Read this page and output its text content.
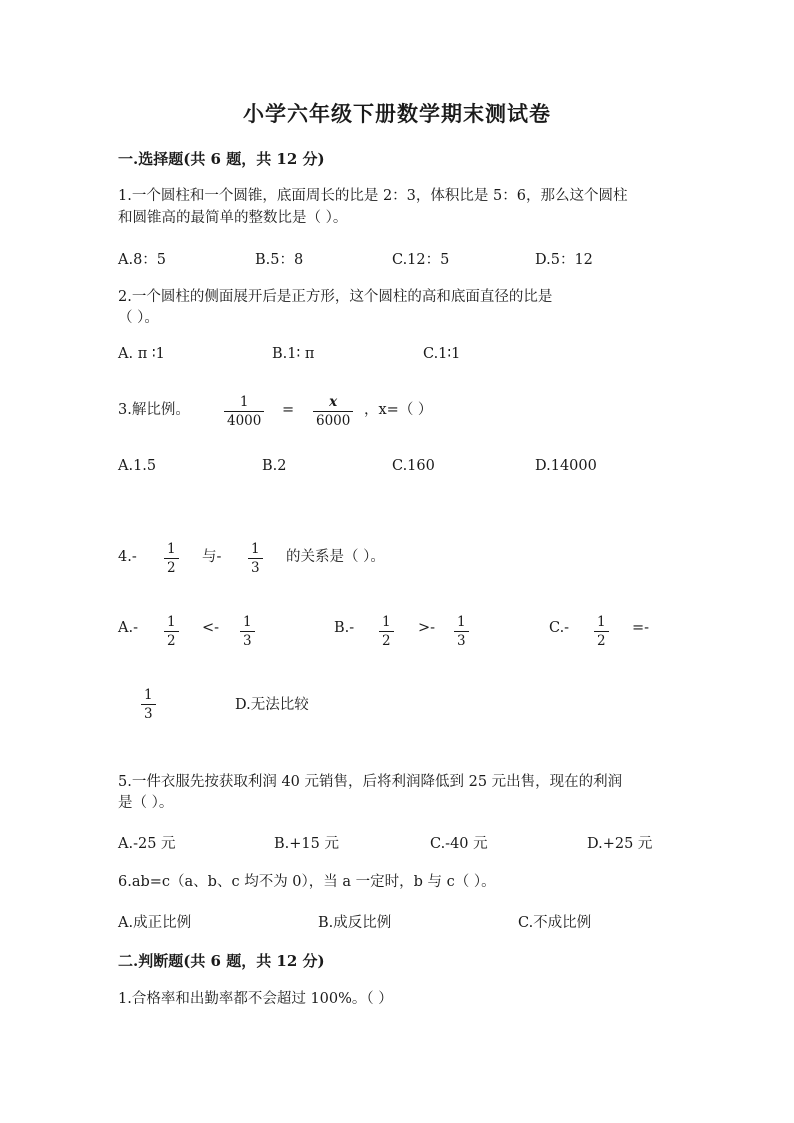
小学六年级下册数学期末测试卷
一.选择题(共 6 题，共 12 分)
1.一个圆柱和一个圆锥，底面周长的比是 2：3，体积比是 5：6，那么这个圆柱
和圆锥高的最简单的整数比是（ ）。
A.8：5	B.5：8	C.12：5	D.5：12
2.一个圆柱的侧面展开后是正方形，这个圆柱的高和底面直径的比是
（ ）。
A. π ∶1	B.1∶ π	C.1∶1
3.解比例。	1
4000
=	x
6000
，x=（ ）
A.1.5	B.2	C.160	D.14000
4.- 1
2
与- 1
3
的关系是（ ）。
A.- 1
2
<- 1
3
B.- 1
2
>- 1
3
C.- 1
2
=-
1
3
D.无法比较
5.一件衣服先按获取利润 40 元销售，后将利润降低到 25 元出售，现在的利润
是（ ）。
A.-25 元	B.+15 元	C.-40 元	D.+25 元
6.ab=c（a、b、c 均不为 0），当 a 一定时，b 与 c（ ）。
A.成正比例	B.成反比例	C.不成比例
二.判断题(共 6 题，共 12 分)
1.合格率和出勤率都不会超过 100%。（ ）
